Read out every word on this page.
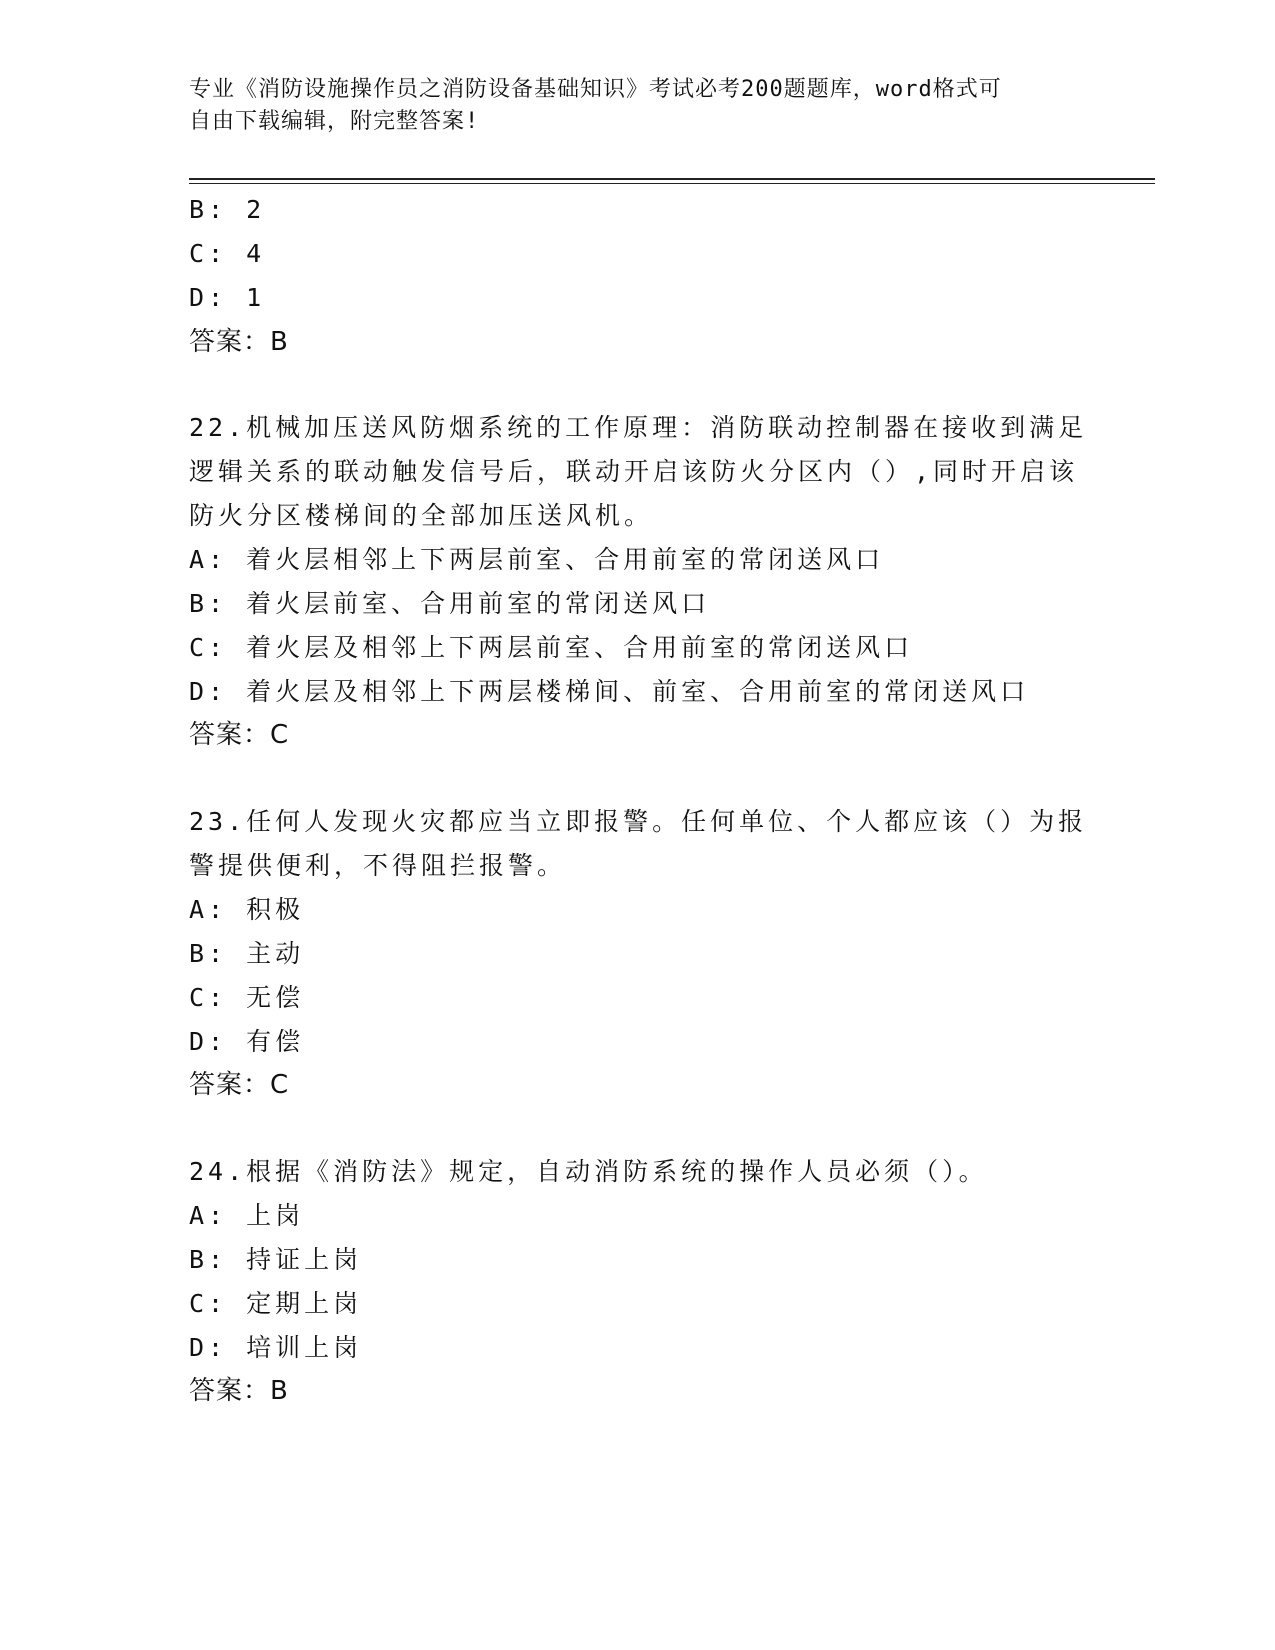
专业《消防设施操作员之消防设备基础知识》考试必考200题题库，word格式可
自由下载编辑，附完整答案!
B: 2
C: 4
D: 1
答案：B
22.机械加压送风防烟系统的工作原理：消防联动控制器在接收到满足
逻辑关系的联动触发信号后，联动开启该防火分区内（）,同时开启该
防火分区楼梯间的全部加压送风机。
A: 着火层相邻上下两层前室、合用前室的常闭送风口
B: 着火层前室、合用前室的常闭送风口
C: 着火层及相邻上下两层前室、合用前室的常闭送风口
D: 着火层及相邻上下两层楼梯间、前室、合用前室的常闭送风口
答案：C
23.任何人发现火灾都应当立即报警。任何单位、个人都应该（）为报
警提供便利，不得阻拦报警。
A: 积极
B: 主动
C: 无偿
D: 有偿
答案：C
24.根据《消防法》规定，自动消防系统的操作人员必须（）。
A: 上岗
B: 持证上岗
C: 定期上岗
D: 培训上岗
答案：B
